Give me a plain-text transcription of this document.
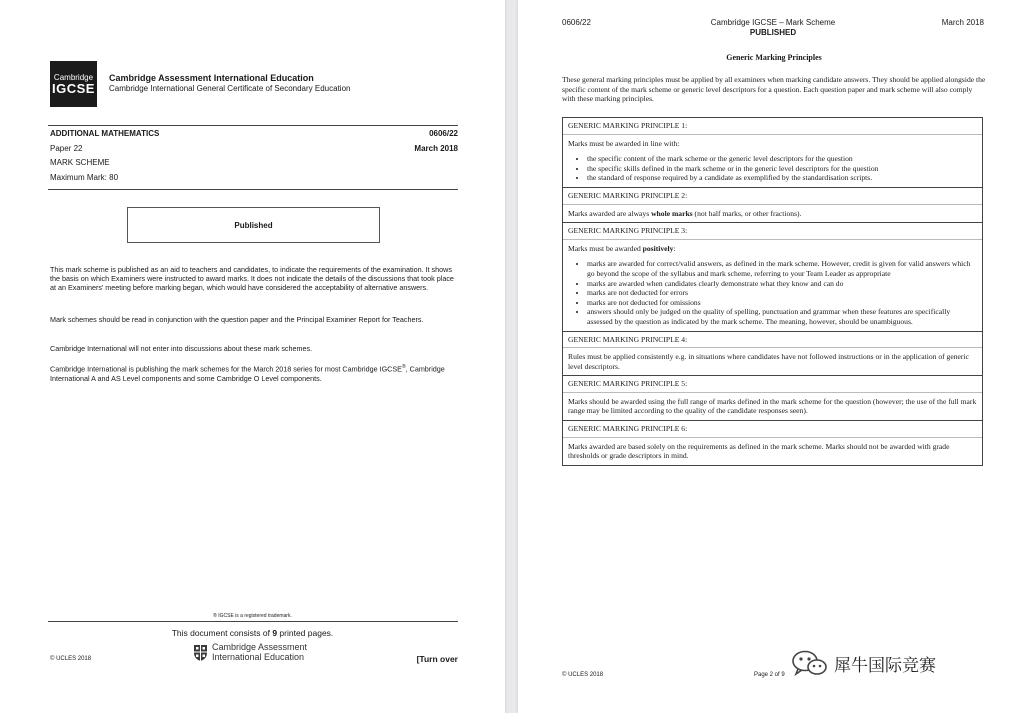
Cambridge
IGCSE
Cambridge Assessment International Education
Cambridge International General Certificate of Secondary Education
ADDITIONAL MATHEMATICS	0606/22
Paper 22	March 2018
MARK SCHEME
Maximum Mark: 80
Published
This mark scheme is published as an aid to teachers and candidates, to indicate the requirements of the examination. It shows the basis on which Examiners were instructed to award marks. It does not indicate the details of the discussions that took place at an Examiners' meeting before marking began, which would have considered the acceptability of alternative answers.
Mark schemes should be read in conjunction with the question paper and the Principal Examiner Report for Teachers.
Cambridge International will not enter into discussions about these mark schemes.
Cambridge International is publishing the mark schemes for the March 2018 series for most Cambridge IGCSE®, Cambridge International A and AS Level components and some Cambridge O Level components.
® IGCSE is a registered trademark.
This document consists of 9 printed pages.
Cambridge Assessment
International Education
© UCLES 2018	[Turn over
0606/22	Cambridge IGCSE – Mark Scheme
PUBLISHED
March 2018
Generic Marking Principles
These general marking principles must be applied by all examiners when marking candidate answers. They should be applied alongside the specific content of the mark scheme or generic level descriptors for a question. Each question paper and mark scheme will also comply with these marking principles.
GENERIC MARKING PRINCIPLE 1:

Marks must be awarded in line with:

• the specific content of the mark scheme or the generic level descriptors for the question
• the specific skills defined in the mark scheme or in the generic level descriptors for the question
• the standard of response required by a candidate as exemplified by the standardisation scripts.
GENERIC MARKING PRINCIPLE 2:

Marks awarded are always whole marks (not half marks, or other fractions).

GENERIC MARKING PRINCIPLE 3:

Marks must be awarded positively:

• marks are awarded for correct/valid answers, as defined in the mark scheme. However, credit is given for valid answers which go beyond the scope of the syllabus and mark scheme, referring to your Team Leader as appropriate
• marks are awarded when candidates clearly demonstrate what they know and can do
• marks are not deducted for errors
• marks are not deducted for omissions
• answers should only be judged on the quality of spelling, punctuation and grammar when these features are specifically assessed by the question as indicated by the mark scheme. The meaning, however, should be unambiguous.
GENERIC MARKING PRINCIPLE 4:

Rules must be applied consistently e.g. in situations where candidates have not followed instructions or in the application of generic level descriptors.

GENERIC MARKING PRINCIPLE 5:

Marks should be awarded using the full range of marks defined in the mark scheme for the question (however; the use of the full mark range may be limited according to the quality of the candidate responses seen).

GENERIC MARKING PRINCIPLE 6:

Marks awarded are based solely on the requirements as defined in the mark scheme. Marks should not be awarded with grade thresholds or grade descriptors in mind.

© UCLES 2018	Page 2 of 9
犀牛国际竞赛
